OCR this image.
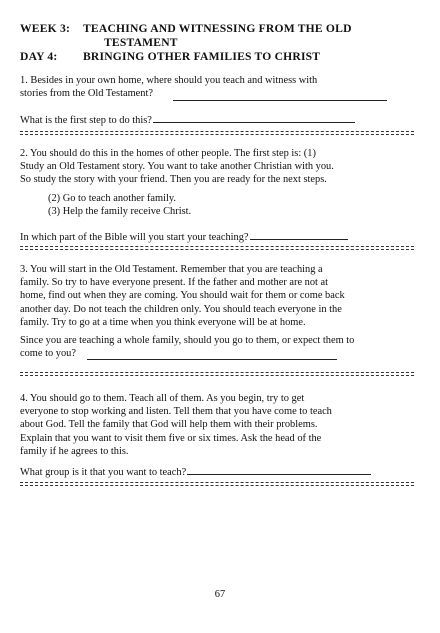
WEEK 3: TEACHING AND WITNESSING FROM THE OLD
TESTAMENT
DAY 4: BRINGING OTHER FAMILIES TO CHRIST

1. Besides in your own home, where should you teach and witness with

stories from the Old Testament?

What is the first step to do this?

2. You should do this in the homes of other people. The first step is: (1)

Study an Old Testament story. You want to take another Christian with you.

So study the story with your friend. Then you are ready for the next steps.

(2) Go to teach another family.
(3) Help the family receive Christ.
In which part of the Bible will you start your teaching?

3. You will start in the Old Testament. Remember that you are teaching a

family. So try to have everyone present. If the father and mother are not at

home, find out when they are coming. You should wait for them or come back

another day. Do not teach the children only. You should teach everyone in the

family. Try to go at a time when you think everyone will be at home.

Since you are teaching a whole family, should you go to them, or expect them to

come to you?

4. You should go to them. Teach all of them. As you begin, try to get

everyone to stop working and listen. Tell them that you have come to teach

about God. Tell the family that God will help them with their problems.

Explain that you want to visit them five or six times. Ask the head of the

family if he agrees to this.

What group is it that you want to teach?
67
